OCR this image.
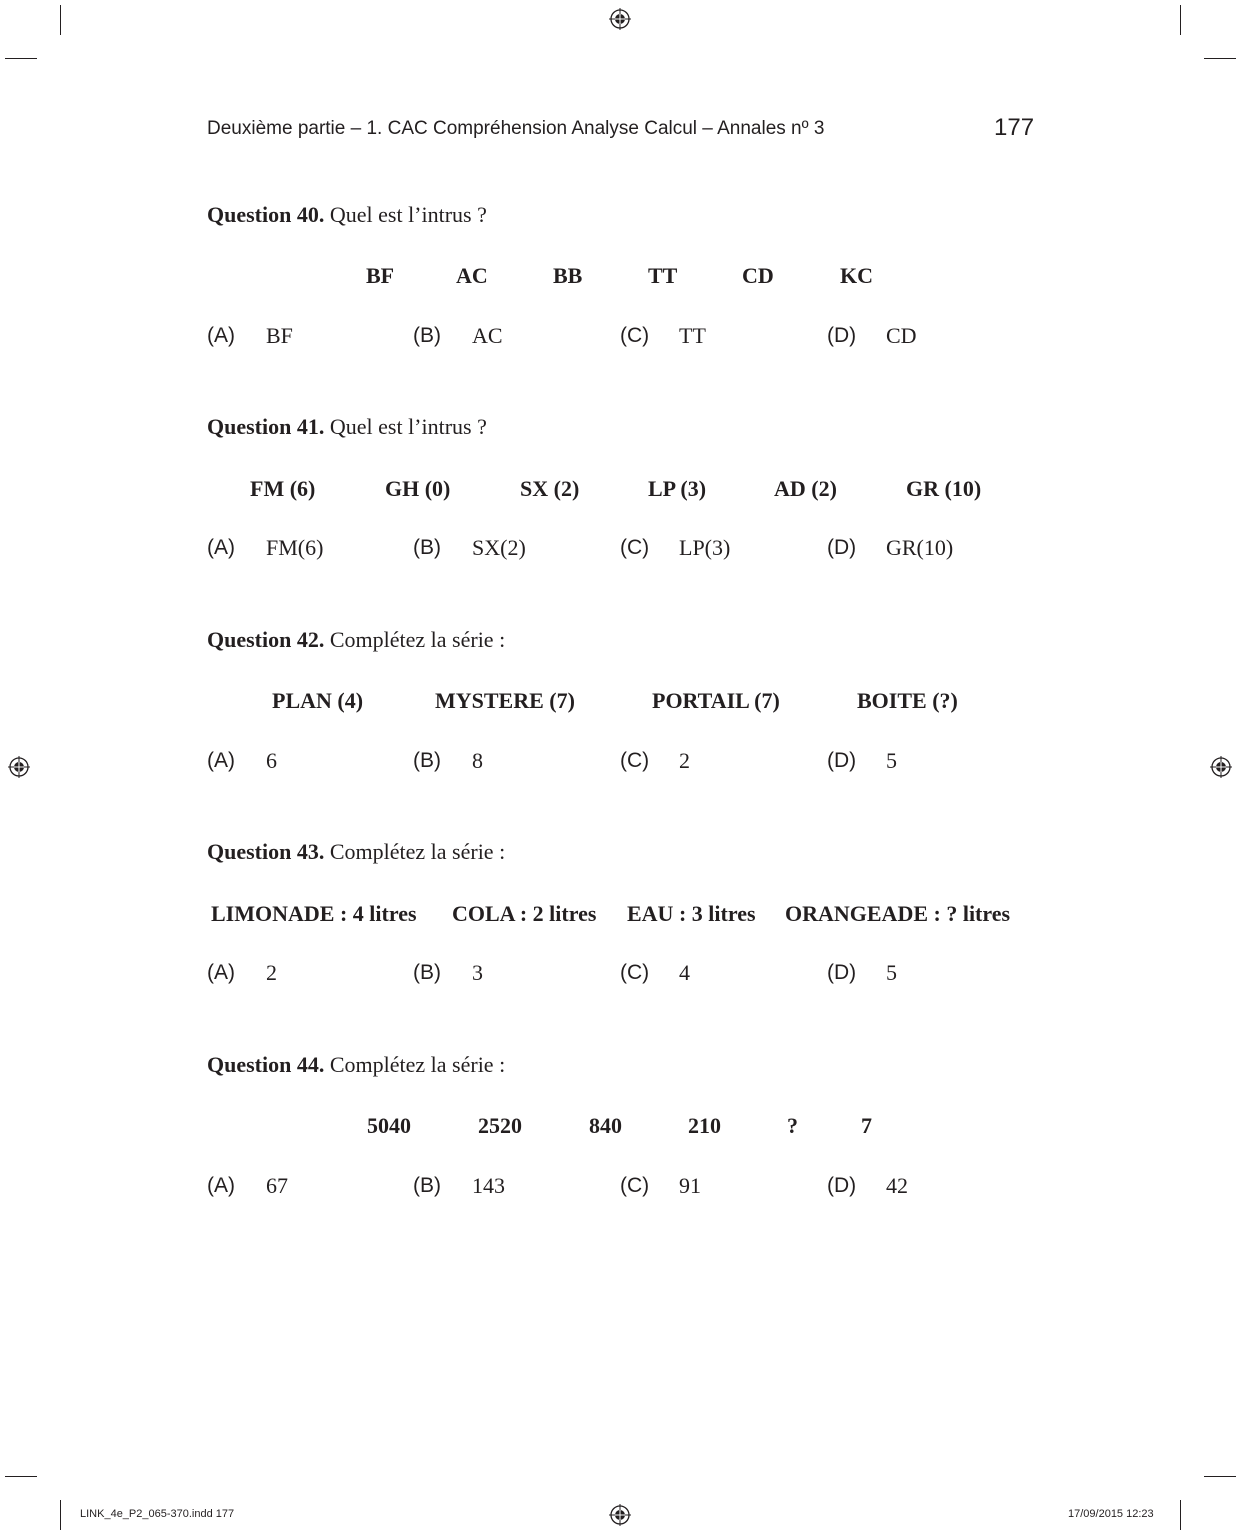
Deuxième partie – 1. CAC Compréhension Analyse Calcul – Annales nº 3	177
Question 40. Quel est l’intrus ?
BF	AC	BB	TT	CD	KC
(A) BF	(B) AC	(C) TT	(D) CD
Question 41. Quel est l’intrus ?
FM (6)	GH (0)	SX (2)	LP (3)	AD (2)	GR (10)
(A) FM(6)	(B) SX(2)	(C) LP(3)	(D) GR(10)
Question 42. Complétez la série :
PLAN (4)	MYSTERE (7)	PORTAIL (7)	BOITE (?)
(A) 6	(B) 8	(C) 2	(D) 5
Question 43. Complétez la série :
LIMONADE : 4 litres COLA : 2 litres EAU : 3 litres ORANGEADE : ? litres
(A) 2	(B) 3	(C) 4	(D) 5
Question 44. Complétez la série :
5040	2520	840	210	?	7
(A) 67	(B) 143	(C) 91	(D) 42
LINK_4e_P2_065-370.indd 177	17/09/2015 12:23
